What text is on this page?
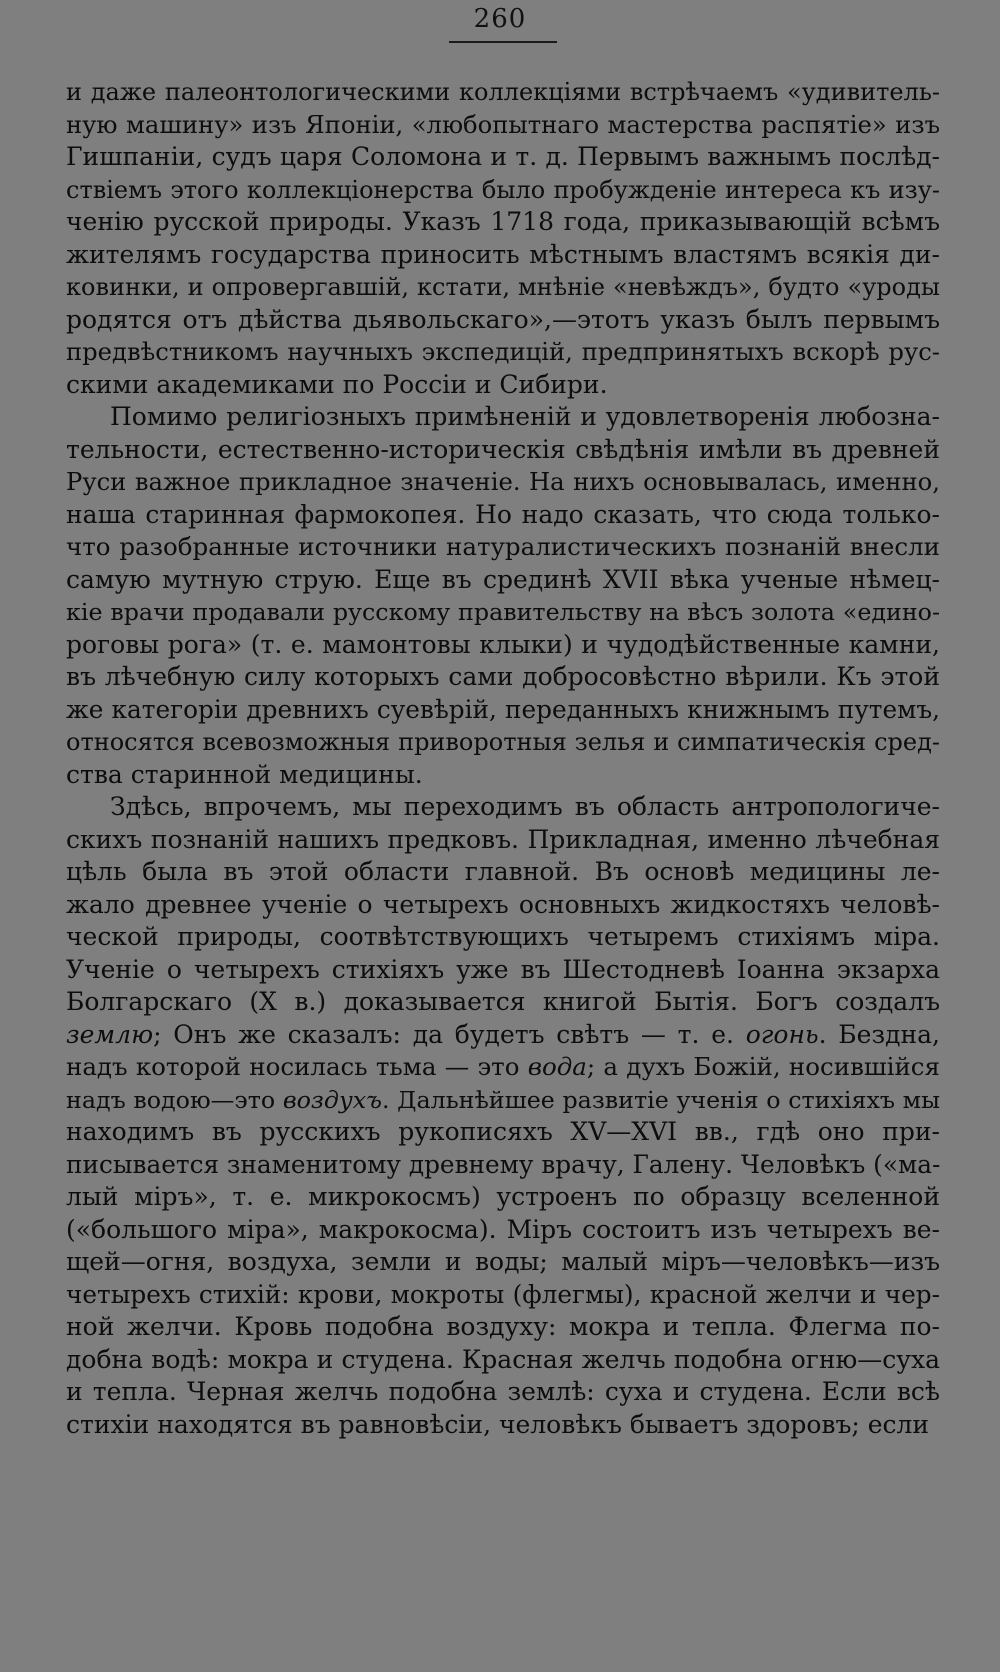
260
и даже палеонтологическими коллекціями встрѣчаемъ «удивитель-
ную машину» изъ Японіи, «любопытнаго мастерства распятіе» изъ
Гишпаніи, судъ царя Соломона и т. д. Первымъ важнымъ послѣд-
ствіемъ этого коллекціонерства было пробужденіе интереса къ изу-
ченію русской природы. Указъ 1718 года, приказывающій всѣмъ
жителямъ государства приносить мѣстнымъ властямъ всякія ди-
ковинки, и опровергавшій, кстати, мнѣніе «невѣждъ», будто «уроды
родятся отъ дѣйства дьявольскаго»,—этотъ указъ былъ первымъ
предвѣстникомъ научныхъ экспедицій, предпринятыхъ вскорѣ рус-
скими академиками по Россіи и Сибири.
Помимо религіозныхъ примѣненій и удовлетворенія любозна-
тельности, естественно-историческія свѣдѣнія имѣли въ древней
Руси важное прикладное значеніе. На нихъ основывалась, именно,
наша старинная фармокопея. Но надо сказать, что сюда только-
что разобранные источники натуралистическихъ познаній внесли
самую мутную струю. Еще въ срединѣ XVII вѣка ученые нѣмец-
кіе врачи продавали русскому правительству на вѣсъ золота «едино-
роговы рога» (т. е. мамонтовы клыки) и чудодѣйственные камни,
въ лѣчебную силу которыхъ сами добросовѣстно вѣрили. Къ этой
же категоріи древнихъ суевѣрій, переданныхъ книжнымъ путемъ,
относятся всевозможныя приворотныя зелья и симпатическія сред-
ства старинной медицины.
Здѣсь, впрочемъ, мы переходимъ въ область антропологиче-
скихъ познаній нашихъ предковъ. Прикладная, именно лѣчебная
цѣль была въ этой области главной. Въ основѣ медицины ле-
жало древнее ученіе о четырехъ основныхъ жидкостяхъ человѣ-
ческой природы, соотвѣтствующихъ четыремъ стихіямъ міра.
Ученіе о четырехъ стихіяхъ уже въ Шестодневѣ Іоанна экзарха
Болгарскаго (X в.) доказывается книгой Бытія. Богъ создалъ
землю; Онъ же сказалъ: да будетъ свѣтъ — т. е. огонь. Бездна,
надъ которой носилась тьма — это вода; а духъ Божій, носившійся
надъ водою—это воздухъ. Дальнѣйшее развитіе ученія о стихіяхъ мы
находимъ въ русскихъ рукописяхъ XV—XVI вв., гдѣ оно при-
писывается знаменитому древнему врачу, Галену. Человѣкъ («ма-
лый міръ», т. е. микрокосмъ) устроенъ по образцу вселенной
(«большого міра», макрокосма). Міръ состоитъ изъ четырехъ ве-
щей—огня, воздуха, земли и воды; малый міръ—человѣкъ—изъ
четырехъ стихій: крови, мокроты (флегмы), красной желчи и чер-
ной желчи. Кровь подобна воздуху: мокра и тепла. Флегма по-
добна водѣ: мокра и студена. Красная желчь подобна огню—суха
и тепла. Черная желчь подобна землѣ: суха и студена. Если всѣ
стихіи находятся въ равновѣсіи, человѣкъ бываетъ здоровъ; если
